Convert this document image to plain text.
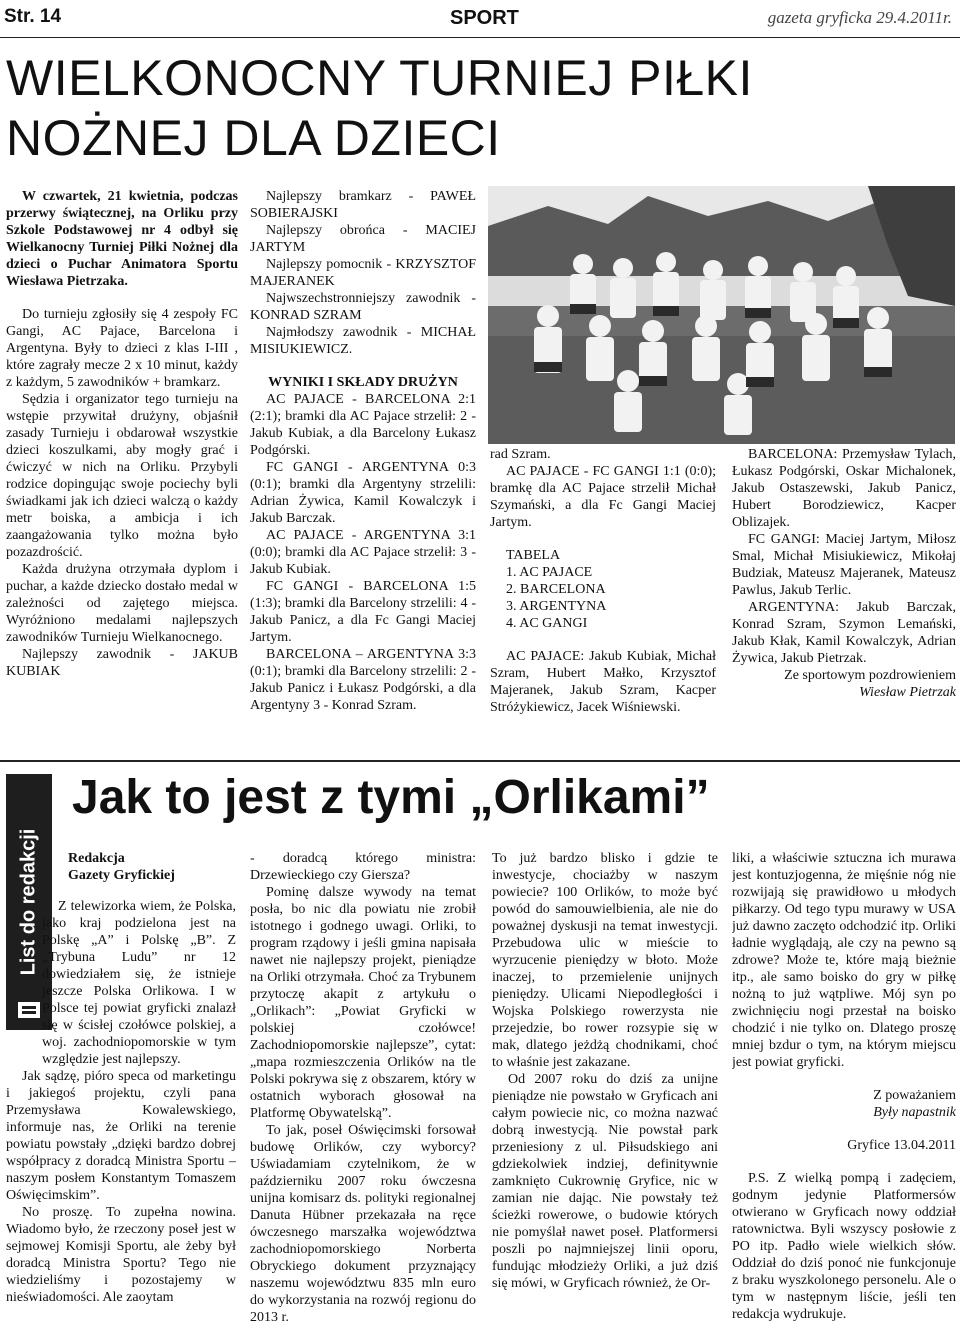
Str. 14	SPORT	gazeta gryficka 29.4.2011r.
WIELKONOCNY TURNIEJ PIŁKI
NOŻNEJ DLA DZIECI

W czwartek, 21 kwietnia, podczas przerwy świątecznej, na Orliku przy Szkole Podstawowej nr 4 odbył się Wielkanocny Turniej Piłki Nożnej dla dzieci o Puchar Animatora Sportu Wiesława Pietrzaka.

Do turnieju zgłosiły się 4 zespoły FC Gangi, AC Pajace, Barcelona i Argentyna. Były to dzieci z klas I-III , które zagrały mecze 2 x 10 minut, każdy z każdym, 5 zawodników + bramkarz.

Sędzia i organizator tego turnieju na wstępie przywitał drużyny, objaśnił zasady Turnieju i obdarował wszystkie dzieci koszulkami, aby mogły grać i ćwiczyć w nich na Orliku. Przybyli rodzice dopingując swoje pociechy byli świadkami jak ich dzieci walczą o każdy metr boiska, a ambicja i ich zaangażowania tylko można było pozazdrościć.

Każda drużyna otrzymała dyplom i puchar, a każde dziecko dostało medal w zależności od zajętego miejsca. Wyróżniono medalami najlepszych zawodników Turnieju Wielkanocnego.

Najlepszy zawodnik - JAKUB KUBIAK

Najlepszy bramkarz - PAWEŁ SOBIERAJSKI

Najlepszy obrońca - MACIEJ JARTYM

Najlepszy pomocnik - KRZYSZTOF MAJERANEK

Najwszechstronniejszy zawodnik - KONRAD SZRAM

Najmłodszy zawodnik - MICHAŁ MISIUKIEWICZ.

WYNIKI I SKŁADY DRUŻYN

AC PAJACE - BARCELONA 2:1 (2:1); bramki dla AC Pajace strzelił: 2 - Jakub Kubiak, a dla Barcelony Łukasz Podgórski.

FC GANGI - ARGENTYNA 0:3 (0:1); bramki dla Argentyny strzelili: Adrian Żywica, Kamil Kowalczyk i Jakub Barczak.

AC PAJACE - ARGENTYNA 3:1 (0:0); bramki dla AC Pajace strzelił: 3 - Jakub Kubiak.

FC GANGI - BARCELONA 1:5 (1:3); bramki dla Barcelony strzelili: 4 - Jakub Panicz, a dla Fc Gangi Maciej Jartym.

BARCELONA – ARGENTYNA 3:3 (0:1); bramki dla Barcelony strzelili: 2 - Jakub Panicz i Łukasz Podgórski, a dla Argentyny 3 - Konrad Szram.

rad Szram.

AC PAJACE - FC GANGI 1:1 (0:0); bramkę dla AC Pajace strzelił Michał Szymański, a dla Fc Gangi Maciej Jartym.

TABELA

1. AC PAJACE
2. BARCELONA
3. ARGENTYNA
4. AC GANGI

AC PAJACE: Jakub Kubiak, Michał Szram, Hubert Małko, Krzysztof Majeranek, Jakub Szram, Kacper Stróżykiewicz, Jacek Wiśniewski.

BARCELONA: Przemysław Tylach, Łukasz Podgórski, Oskar Michalonek, Jakub Ostaszewski, Jakub Panicz, Hubert Borodziewicz, Kacper Oblizajek.

FC GANGI: Maciej Jartym, Miłosz Smal, Michał Misiukiewicz, Mikołaj Budziak, Mateusz Majeranek, Mateusz Pawlus, Jakub Terlic.

ARGENTYNA: Jakub Barczak, Konrad Szram, Szymon Lemański, Jakub Kłak, Kamil Kowalczyk, Adrian Żywica, Jakub Pietrzak.

Ze sportowym pozdrowieniem

Wiesław Pietrzak

List do redakcji
Jak to jest z tymi „Orlikami”

Redakcja

Gazety Gryfickiej

Z telewizorka wiem, że Polska, jako kraj podzielona jest na Polskę „A” i Polskę „B”. Z „Trybuna Ludu” nr 12 dowiedziałem się, że istnieje jeszcze Polska Orlikowa. I w Polsce tej powiat gryficki znalazł się w ścisłej czołówce polskiej, a woj. zachodniopomorskie w tym względzie jest najlepszy.

Jak sądzę, pióro speca od marketingu i jakiegoś projektu, czyli pana Przemysława Kowalewskiego, informuje nas, że Orliki na terenie powiatu powstały „dzięki bardzo dobrej współpracy z doradcą Ministra Sportu – naszym posłem Konstantym Tomaszem Oświęcimskim”.

No proszę. To zupełna nowina. Wiadomo było, że rzeczony poseł jest w sejmowej Komisji Sportu, ale żeby był doradcą Ministra Sportu? Tego nie wiedzieliśmy i pozostajemy w nieświadomości. Ale zaoytam

- doradcą którego ministra: Drzewieckiego czy Giersza?

Pominę dalsze wywody na temat posła, bo nic dla powiatu nie zrobił istotnego i godnego uwagi. Orliki, to program rządowy i jeśli gmina napisała nawet nie najlepszy projekt, pieniądze na Orliki otrzymała. Choć za Trybunem przytoczę akapit z artykułu o „Orlikach”: „Powiat Gryficki w polskiej czołówce! Zachodniopomorskie najlepsze”, cytat: „mapa rozmieszczenia Orlików na tle Polski pokrywa się z obszarem, który w ostatnich wyborach głosował na Platformę Obywatelską”.

To jak, poseł Oświęcimski forsował budowę Orlików, czy wyborcy? Uświadamiam czytelnikom, że w październiku 2007 roku ówczesna unijna komisarz ds. polityki regionalnej Danuta Hübner przekazała na ręce ówczesnego marszałka województwa zachodniopomorskiego Norberta Obryckiego dokument przyznający naszemu województwu 835 mln euro do wykorzystania na rozwój regionu do 2013 r.

To już bardzo blisko i gdzie te inwestycje, chociażby w naszym powiecie? 100 Orlików, to może być powód do samouwielbienia, ale nie do poważnej dyskusji na temat inwestycji. Przebudowa ulic w mieście to wyrzucenie pieniędzy w błoto. Może inaczej, to przemielenie unijnych pieniędzy. Ulicami Niepodległości i Wojska Polskiego rowerzysta nie przejedzie, bo rower rozsypie się w mak, dlatego jeżdżą chodnikami, choć to właśnie jest zakazane.

Od 2007 roku do dziś za unijne pieniądze nie powstało w Gryficach ani całym powiecie nic, co można nazwać dobrą inwestycją. Nie powstał park przeniesiony z ul. Piłsudskiego ani gdziekolwiek indziej, definitywnie zamknięto Cukrownię Gryfice, nic w zamian nie dając. Nie powstały też ścieżki rowerowe, o budowie których nie pomyślał nawet poseł. Platformersi poszli po najmniejszej linii oporu, fundując młodzieży Orliki, a już dziś się mówi, w Gryficach również, że Or-

liki, a właściwie sztuczna ich murawa jest kontuzjogenna, że mięśnie nóg nie rozwijają się prawidłowo u młodych piłkarzy. Od tego typu murawy w USA już dawno zaczęto odchodzić itp. Orliki ładnie wyglądają, ale czy na pewno są zdrowe? Może te, które mają bieżnie itp., ale samo boisko do gry w piłkę nożną to już wątpliwe. Mój syn po zwichnięciu nogi przestał na boisko chodzić i nie tylko on. Dlatego proszę mniej bzdur o tym, na którym miejscu jest powiat gryficki.

Z poważaniem

Były napastnik

Gryfice 13.04.2011

P.S. Z wielką pompą i zadęciem, godnym jedynie Platformersów otwierano w Gryficach nowy oddział ratownictwa. Byli wszyscy posłowie z PO itp. Padło wiele wielkich słów. Oddział do dziś ponoć nie funkcjonuje z braku wyszkolonego personelu. Ale o tym w następnym liście, jeśli ten redakcja wydrukuje.
